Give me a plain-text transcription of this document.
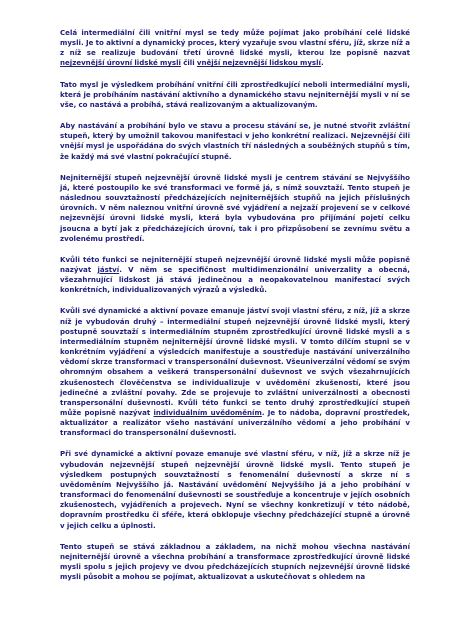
Celá intermediální čili vnitřní mysl se tedy může pojímat jako probíhání celé lidské mysli. Je to aktivní a dynamický proces, který vyzařuje svou vlastní sféru, jíž, skrze níž a z níž se realizuje budování třetí úrovně lidské mysli, kterou lze popisně nazvat nejzevnější úrovní lidské mysli čili vnější nejzevnější lidskou myslí.

Tato mysl je výsledkem probíhání vnitřní čili zprostředkující neboli intermediální mysli, která je probíháním nastávání aktivního a dynamického stavu nejniternější mysli v ní se vše, co nastává a probíhá, stává realizovaným a aktualizovaným.

Aby nastávání a probíhání bylo ve stavu a procesu stávání se, je nutné stvořit zvláštní stupeň, který by umožnil takovou manifestaci v jeho konkrétní realizaci. Nejzevnější čili vnější mysl je uspořádána do svých vlastních tří následných a souběžných stupňů s tím, že každý má své vlastní pokračující stupně.

Nejniternější stupeň nejzevnější úrovně lidské mysli je centrem stávání se Nejvyššího já, které postoupilo ke své transformaci ve formě já, s nímž souvztaží. Tento stupeň je následnou souvztažností předcházejících nejniternějších stupňů na jejich příslušných úrovních. V něm naleznou vnitřní úrovně své vyjádření a nejzaží projevení se v celkové nejzevnější úrovni lidské mysli, která byla vybudována pro přijímání pojetí celku jsoucna a bytí jak z předcházejících úrovní, tak i pro přizpůsobení se zevnímu světu a zvolenému prostředí.

Kvůli této funkci se nejniternější stupeň nejzevnější úrovně lidské mysli může popisně nazývat jáství. V něm se specifičnost multidimenzionální univerzality a obecná, všezahrnující lidskost já stává jedinečnou a neopakovatelnou manifestací svých konkrétních, individualizovaných výrazů a výsledků.

Kvůli své dynamické a aktivní povaze emanuje jáství svoji vlastní sféru, z níž, jíž a skrze níž je vybudován druhý – intermediální stupeň nejzevnější úrovně lidské mysli, který postupně souvztaží s intermediálním stupněm zprostředkující úrovně lidské mysli a s intermediálním stupněm nejniternější úrovně lidské mysli. V tomto dílčím stupni se v konkrétním vyjádření a výsledcích manifestuje a soustřeďuje nastávání univerzálního vědomí skrze transformaci v transpersonální duševnost. Všeuniverzální vědomí se svým ohromným obsahem a veškerá transpersonální duševnost ve svých všezahrnujících zkušenostech člověčenstva se individualizuje v uvědomění zkušeností, které jsou jedinečné a zvláštní povahy. Zde se projevuje to zvláštní univerzálnosti a obecnosti transpersonální duševnosti. Kvůli této funkci se tento druhý zprostředkující stupeň může popisně nazývat individuálním uvědoměním. Je to nádoba, dopravní prostředek, aktualizátor a realizátor všeho nastávání univerzálního vědomí a jeho probíhání v transformaci do transpersonální duševnosti.

Při své dynamické a aktivní povaze emanuje své vlastní sféru, v níž, jíž a skrze níž je vybudován nejzevnější stupeň nejzevnější úrovně lidské mysli. Tento stupeň je výsledkem postupných souvztažností s fenomenální duševností a skrze ní s uvědoměním Nejvyššího já. Nastávání uvědomění Nejvyššího já a jeho probíhání v transformaci do fenomenální duševnosti se soustřeďuje a koncentruje v jejích osobních zkušenostech, vyjádřeních a projevech. Nyní se všechny konkretizují v této nádobě, dopravním prostředku či sféře, která obklopuje všechny předcházející stupně a úrovně v jejich celku a úplnosti.

Tento stupeň se stává základnou a základem, na nichž mohou všechna nastávání nejniternější úrovně a všechna probíhání a transformace zprostředkující úrovně lidské mysli spolu s jejich projevy ve dvou předcházejících stupních nejzevnější úrovně lidské mysli působit a mohou se pojímat, aktualizovat a uskutečňovat s ohledem na
